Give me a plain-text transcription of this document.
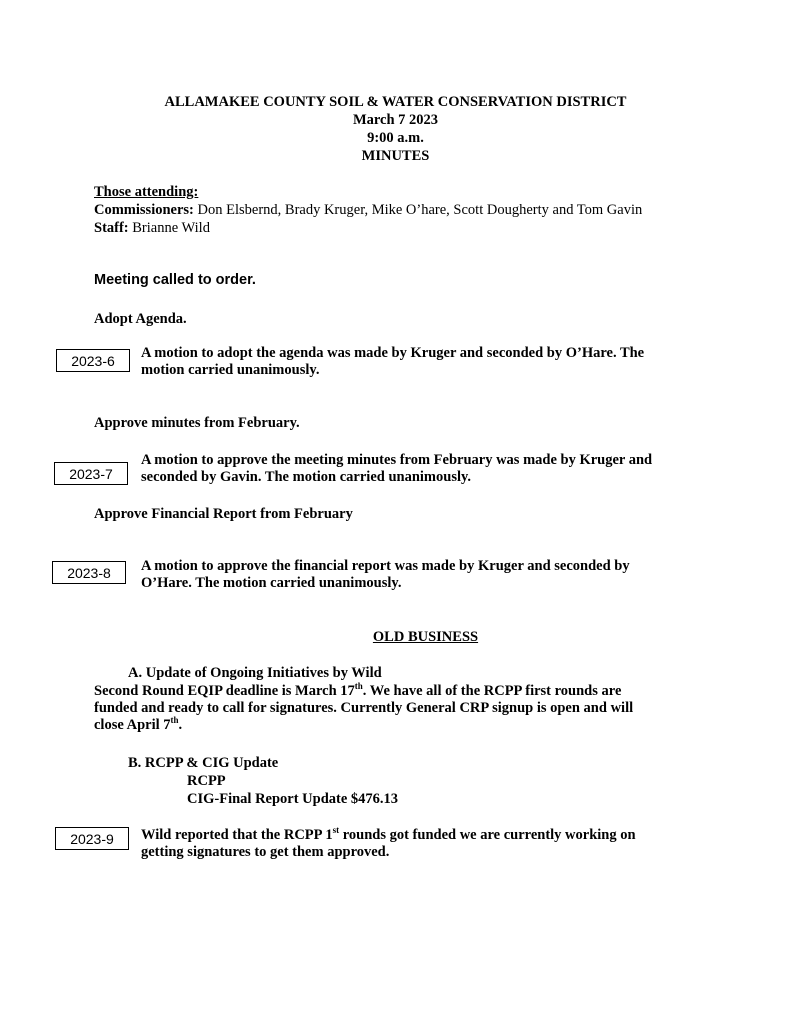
ALLAMAKEE COUNTY SOIL & WATER CONSERVATION DISTRICT
March 7 2023
9:00 a.m.
MINUTES
Those attending:
Commissioners: Don Elsbernd, Brady Kruger, Mike O’hare, Scott Dougherty and Tom Gavin
Staff: Brianne Wild
Meeting called to order.
Adopt Agenda.
2023-6 A motion to adopt the agenda was made by Kruger and seconded by O’Hare. The
motion carried unanimously.
Approve minutes from February.
2023-7
A motion to approve the meeting minutes from February was made by Kruger and
seconded by Gavin. The motion carried unanimously.
Approve Financial Report from February
2023-8 A motion to approve the financial report was made by Kruger and seconded by
O’Hare. The motion carried unanimously.
OLD BUSINESS
A. Update of Ongoing Initiatives by Wild
Second Round EQIP deadline is March 17th. We have all of the RCPP first rounds are
funded and ready to call for signatures. Currently General CRP signup is open and will
close April 7th.
B. RCPP & CIG Update
RCPP
CIG-Final Report Update $476.13
2023-9 Wild reported that the RCPP 1st rounds got funded we are currently working on
getting signatures to get them approved.
